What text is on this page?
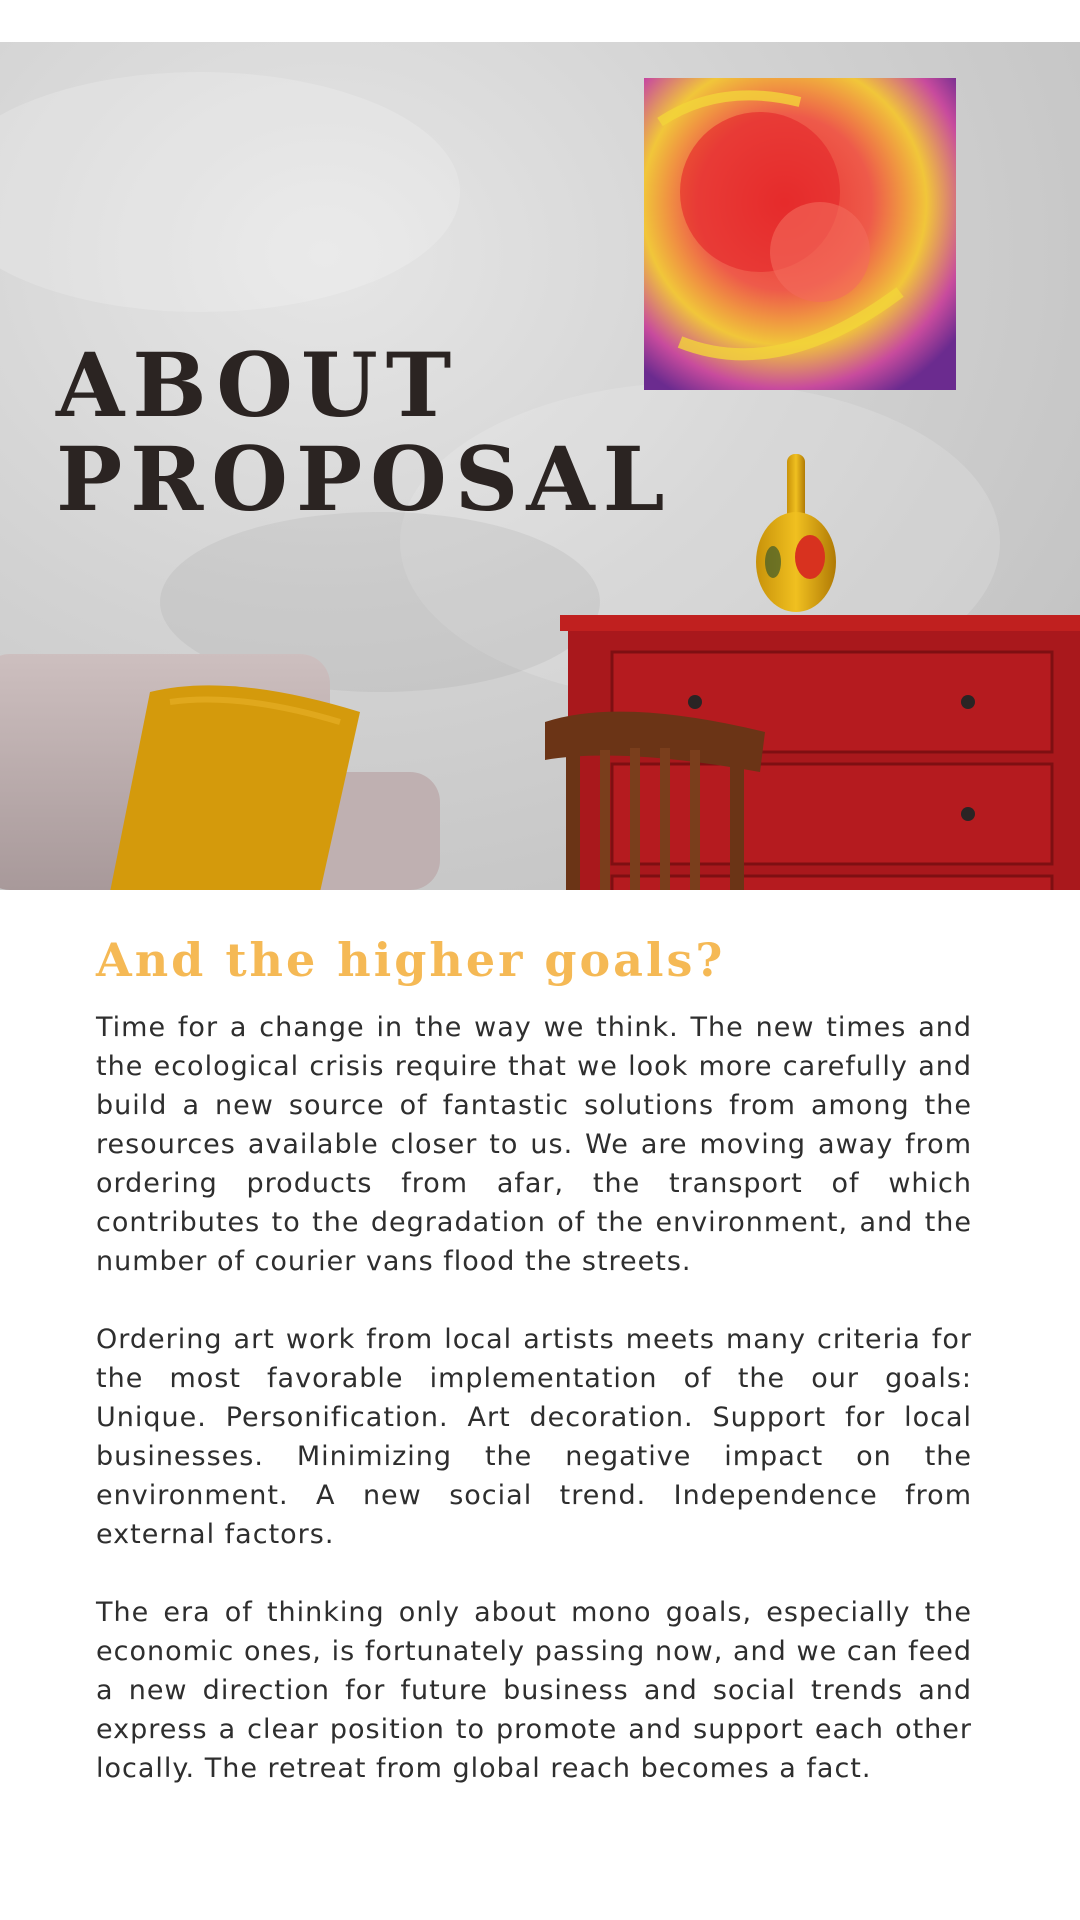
ABOUT
PROPOSAL
And the higher goals?

Time for a change in the way we think. The new times and the ecological crisis require that we look more carefully and build a new source of fantastic solutions from among the resources available closer to us. We are moving away from ordering products from afar, the transport of which contributes to the degradation of the environment, and the number of courier vans flood the streets.

Ordering art work from local artists meets many criteria for the most favorable implementation of the our goals: Unique. Personification. Art decoration. Support for local businesses. Minimizing the negative impact on the environment. A new social trend. Independence from external factors.

The era of thinking only about mono goals, especially the economic ones, is fortunately passing now, and we can feed a new direction for future business and social trends and express a clear position to promote and support each other locally. The retreat from global reach becomes a fact.
